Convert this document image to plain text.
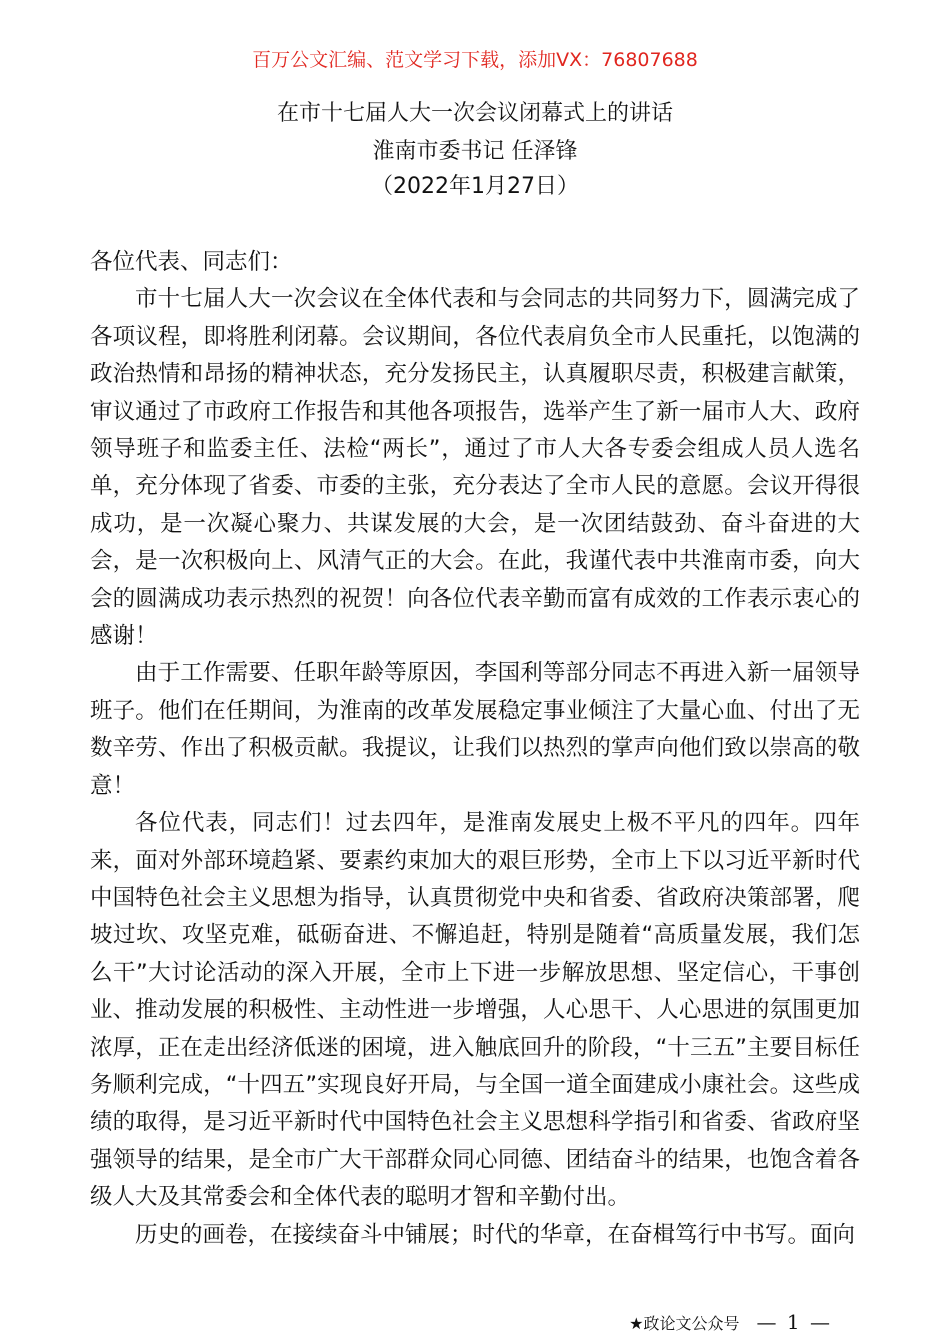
百万公文汇编、范文学习下载，添加VX：76807688
在市十七届人大一次会议闭幕式上的讲话
淮南市委书记 任泽锋
（2022年1月27日）

各位代表、同志们：

市十七届人大一次会议在全体代表和与会同志的共同努力下，圆满完成了各项议程，即将胜利闭幕。会议期间，各位代表肩负全市人民重托，以饱满的政治热情和昂扬的精神状态，充分发扬民主，认真履职尽责，积极建言献策，审议通过了市政府工作报告和其他各项报告，选举产生了新一届市人大、政府领导班子和监委主任、法检“两长”，通过了市人大各专委会组成人员人选名单，充分体现了省委、市委的主张，充分表达了全市人民的意愿。会议开得很成功，是一次凝心聚力、共谋发展的大会，是一次团结鼓劲、奋斗奋进的大会，是一次积极向上、风清气正的大会。在此，我谨代表中共淮南市委，向大会的圆满成功表示热烈的祝贺！向各位代表辛勤而富有成效的工作表示衷心的感谢！

由于工作需要、任职年龄等原因，李国利等部分同志不再进入新一届领导班子。他们在任期间，为淮南的改革发展稳定事业倾注了大量心血、付出了无数辛劳、作出了积极贡献。我提议，让我们以热烈的掌声向他们致以崇高的敬意！

各位代表，同志们！过去四年，是淮南发展史上极不平凡的四年。四年来，面对外部环境趋紧、要素约束加大的艰巨形势，全市上下以习近平新时代中国特色社会主义思想为指导，认真贯彻党中央和省委、省政府决策部署，爬坡过坎、攻坚克难，砥砺奋进、不懈追赶，特别是随着“高质量发展，我们怎么干”大讨论活动的深入开展，全市上下进一步解放思想、坚定信心，干事创业、推动发展的积极性、主动性进一步增强，人心思干、人心思进的氛围更加浓厚，正在走出经济低迷的困境，进入触底回升的阶段，“十三五”主要目标任务顺利完成，“十四五”实现良好开局，与全国一道全面建成小康社会。这些成绩的取得，是习近平新时代中国特色社会主义思想科学指引和省委、省政府坚强领导的结果，是全市广大干部群众同心同德、团结奋斗的结果，也饱含着各级人大及其常委会和全体代表的聪明才智和辛勤付出。

历史的画卷，在接续奋斗中铺展；时代的华章，在奋楫笃行中书写。面向

★政论文公众号 — 1 —
